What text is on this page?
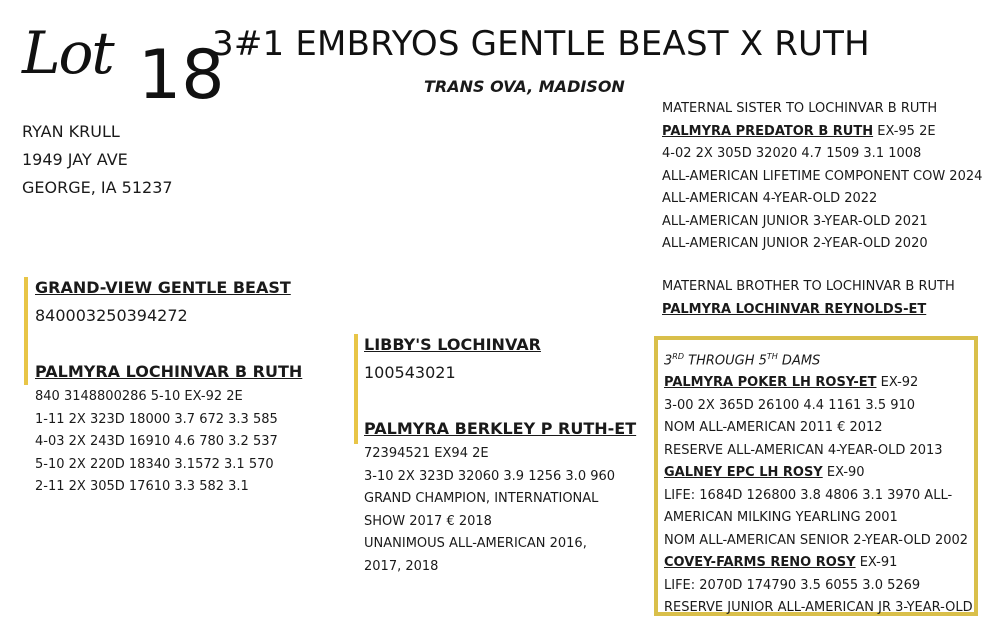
Lot 18
3#1 EMBRYOS GENTLE BEAST X RUTH
TRANS OVA, MADISON
RYAN KRULL
1949 JAY AVE
GEORGE, IA 51237
GRAND-VIEW GENTLE BEAST
840003250394272
PALMYRA LOCHINVAR B RUTH
840 3148800286 5-10 EX-92 2E
1-11 2X 323D 18000 3.7 672 3.3 585
4-03 2X 243D 16910 4.6 780 3.2 537
5-10 2X 220D 18340 3.1572 3.1 570
2-11 2X 305D 17610 3.3 582 3.1
LIBBY'S LOCHINVAR
100543021
PALMYRA BERKLEY P RUTH-ET
72394521 EX94 2E
3-10 2X 323D 32060 3.9 1256 3.0 960
GRAND CHAMPION, INTERNATIONAL
SHOW 2017 € 2018
UNANIMOUS ALL-AMERICAN 2016,
2017, 2018
MATERNAL SISTER TO LOCHINVAR B RUTH
PALMYRA PREDATOR B RUTH EX-95 2E
4-02 2X 305D 32020 4.7 1509 3.1 1008
ALL-AMERICAN LIFETIME COMPONENT COW 2024
ALL-AMERICAN 4-YEAR-OLD 2022
ALL-AMERICAN JUNIOR 3-YEAR-OLD 2021
ALL-AMERICAN JUNIOR 2-YEAR-OLD 2020
MATERNAL BROTHER TO LOCHINVAR B RUTH
PALMYRA LOCHINVAR REYNOLDS-ET
3RD THROUGH 5TH DAMS
PALMYRA POKER LH ROSY-ET EX-92
3-00 2X 365D 26100 4.4 1161 3.5 910
NOM ALL-AMERICAN 2011 € 2012
RESERVE ALL-AMERICAN 4-YEAR-OLD 2013
GALNEY EPC LH ROSY EX-90
LIFE: 1684D 126800 3.8 4806 3.1 3970 ALL-
AMERICAN MILKING YEARLING 2001
NOM ALL-AMERICAN SENIOR 2-YEAR-OLD 2002
COVEY-FARMS RENO ROSY EX-91
LIFE: 2070D 174790 3.5 6055 3.0 5269
RESERVE JUNIOR ALL-AMERICAN JR 3-YEAR-OLD
